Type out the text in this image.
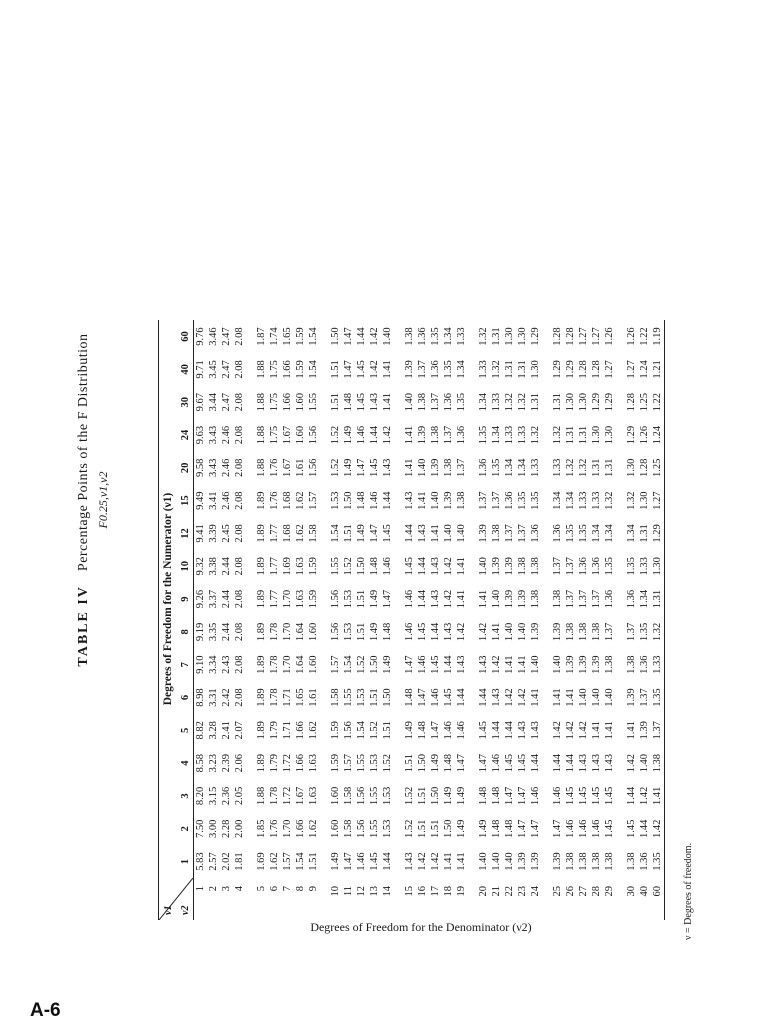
A-6
TABLE IV Percentage Points of the F Distribution F0.25,ν1,ν2
Degrees of Freedom for the Denominator (ν2)
ν1 ν2	Degrees of Freedom for the Numerator (ν1)																
	1	2	3	4	5	6	7	8	9	10	12	15	20	24	30	40	60
1	5.83	7.50	8.20	8.58	8.82	8.98	9.10	9.19	9.26	9.32	9.41	9.49	9.58	9.63	9.67	9.71	9.76
2	2.57	3.00	3.15	3.23	3.28	3.31	3.34	3.35	3.37	3.38	3.39	3.41	3.43	3.43	3.44	3.45	3.46
3	2.02	2.28	2.36	2.39	2.41	2.42	2.43	2.44	2.44	2.44	2.45	2.46	2.46	2.46	2.47	2.47	2.47
4	1.81	2.00	2.05	2.06	2.07	2.08	2.08	2.08	2.08	2.08	2.08	2.08	2.08	2.08	2.08	2.08	2.08

5	1.69	1.85	1.88	1.89	1.89	1.89	1.89	1.89	1.89	1.89	1.89	1.89	1.88	1.88	1.88	1.88	1.87
6	1.62	1.76	1.78	1.79	1.79	1.78	1.78	1.78	1.77	1.77	1.77	1.76	1.76	1.75	1.75	1.75	1.74
7	1.57	1.70	1.72	1.72	1.71	1.71	1.70	1.70	1.70	1.69	1.68	1.68	1.67	1.67	1.66	1.66	1.65
8	1.54	1.66	1.67	1.66	1.66	1.65	1.64	1.64	1.63	1.63	1.62	1.62	1.61	1.60	1.60	1.59	1.59
9	1.51	1.62	1.63	1.63	1.62	1.61	1.60	1.60	1.59	1.59	1.58	1.57	1.56	1.56	1.55	1.54	1.54

10	1.49	1.60	1.60	1.59	1.59	1.58	1.57	1.56	1.56	1.55	1.54	1.53	1.52	1.52	1.51	1.51	1.50
11	1.47	1.58	1.58	1.57	1.56	1.55	1.54	1.53	1.53	1.52	1.51	1.50	1.49	1.49	1.48	1.47	1.47
12	1.46	1.56	1.56	1.55	1.54	1.53	1.52	1.51	1.51	1.50	1.49	1.48	1.47	1.46	1.45	1.45	1.44
13	1.45	1.55	1.55	1.53	1.52	1.51	1.50	1.49	1.49	1.48	1.47	1.46	1.45	1.44	1.43	1.42	1.42
14	1.44	1.53	1.53	1.52	1.51	1.50	1.49	1.48	1.47	1.46	1.45	1.44	1.43	1.42	1.41	1.41	1.40

15	1.43	1.52	1.52	1.51	1.49	1.48	1.47	1.46	1.46	1.45	1.44	1.43	1.41	1.41	1.40	1.39	1.38
16	1.42	1.51	1.51	1.50	1.48	1.47	1.46	1.45	1.44	1.44	1.43	1.41	1.40	1.39	1.38	1.37	1.36
17	1.42	1.51	1.50	1.49	1.47	1.46	1.45	1.44	1.43	1.43	1.41	1.40	1.39	1.38	1.37	1.36	1.35
18	1.41	1.50	1.49	1.48	1.46	1.45	1.44	1.43	1.42	1.42	1.40	1.39	1.38	1.37	1.36	1.35	1.34
19	1.41	1.49	1.49	1.47	1.46	1.44	1.43	1.42	1.41	1.41	1.40	1.38	1.37	1.36	1.35	1.34	1.33

20	1.40	1.49	1.48	1.47	1.45	1.44	1.43	1.42	1.41	1.40	1.39	1.37	1.36	1.35	1.34	1.33	1.32
21	1.40	1.48	1.48	1.46	1.44	1.43	1.42	1.41	1.40	1.39	1.38	1.37	1.35	1.34	1.33	1.32	1.31
22	1.40	1.48	1.47	1.45	1.44	1.42	1.41	1.40	1.39	1.39	1.37	1.36	1.34	1.33	1.32	1.31	1.30
23	1.39	1.47	1.47	1.45	1.43	1.42	1.41	1.40	1.39	1.38	1.37	1.35	1.34	1.33	1.32	1.31	1.30
24	1.39	1.47	1.46	1.44	1.43	1.41	1.40	1.39	1.38	1.38	1.36	1.35	1.33	1.32	1.31	1.30	1.29

25	1.39	1.47	1.46	1.44	1.42	1.41	1.40	1.39	1.38	1.37	1.36	1.34	1.33	1.32	1.31	1.29	1.28
26	1.38	1.46	1.45	1.44	1.42	1.41	1.39	1.38	1.37	1.37	1.35	1.34	1.32	1.31	1.30	1.29	1.28
27	1.38	1.46	1.45	1.43	1.42	1.40	1.39	1.38	1.37	1.36	1.35	1.33	1.32	1.31	1.30	1.28	1.27
28	1.38	1.46	1.45	1.43	1.41	1.40	1.39	1.38	1.37	1.36	1.34	1.33	1.31	1.30	1.29	1.28	1.27
29	1.38	1.45	1.45	1.43	1.41	1.40	1.38	1.37	1.36	1.35	1.34	1.32	1.31	1.30	1.29	1.27	1.26

30	1.38	1.45	1.44	1.42	1.41	1.39	1.38	1.37	1.36	1.35	1.34	1.32	1.30	1.29	1.28	1.27	1.26
40	1.36	1.44	1.42	1.40	1.39	1.37	1.36	1.35	1.34	1.33	1.31	1.30	1.28	1.26	1.25	1.24	1.22
60	1.35	1.42	1.41	1.38	1.37	1.35	1.33	1.32	1.31	1.30	1.29	1.27	1.25	1.24	1.22	1.21	1.19
ν = Degrees of freedom.
